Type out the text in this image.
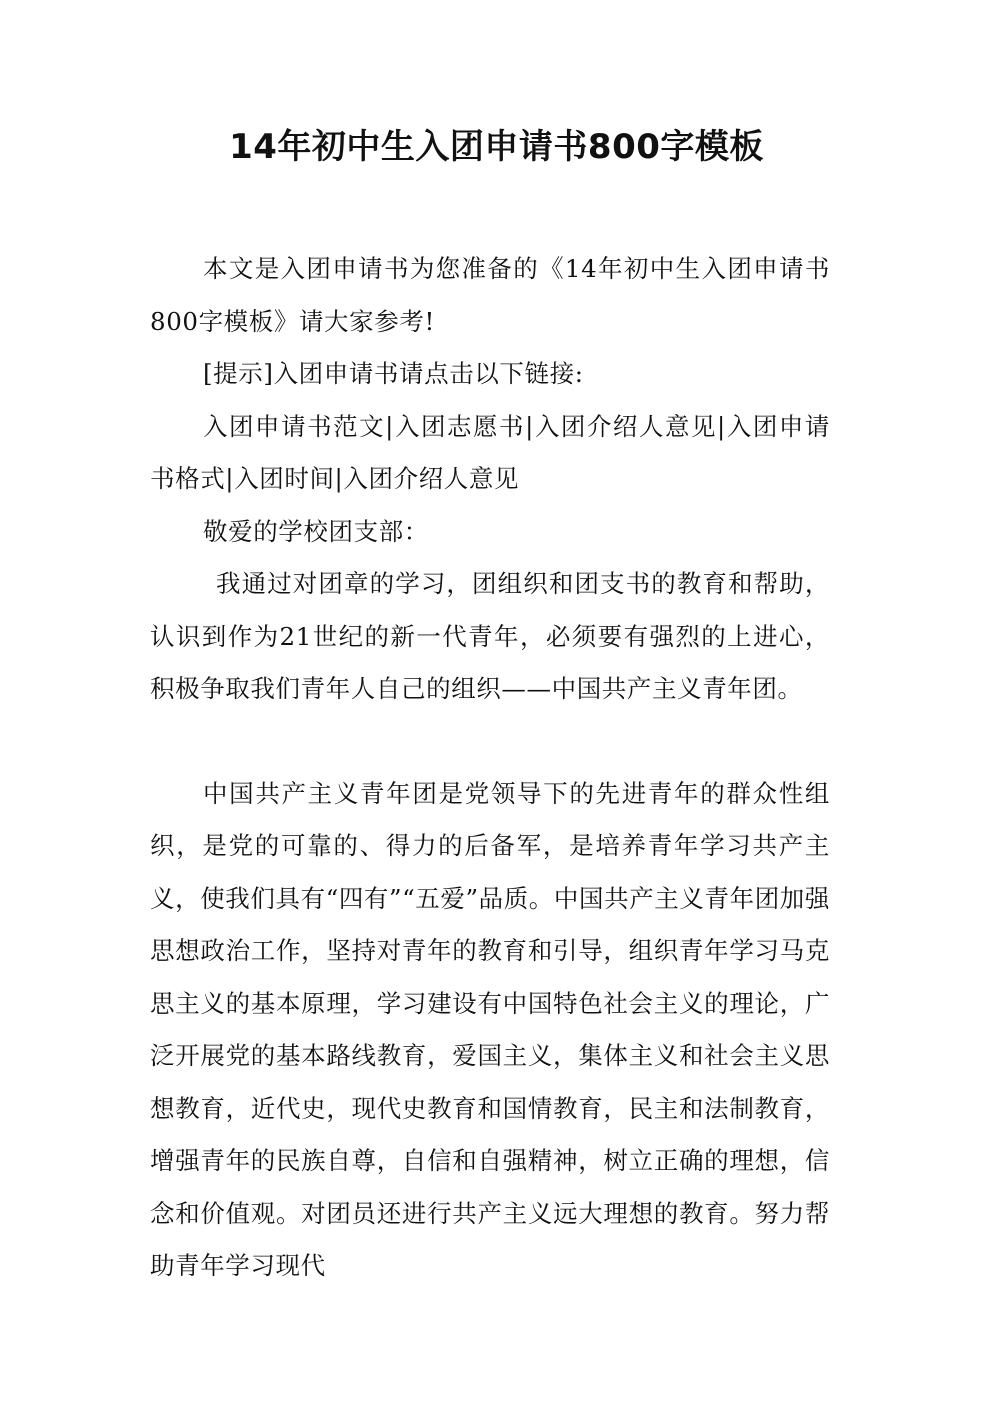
14年初中生入团申请书800字模板

本文是入团申请书为您准备的《14年初中生入团申请书800字模板》请大家参考!

[提示]入团申请书请点击以下链接:

入团申请书范文|入团志愿书|入团介绍人意见|入团申请书格式|入团时间|入团介绍人意见

敬爱的学校团支部：

我通过对团章的学习，团组织和团支书的教育和帮助，认识到作为21世纪的新一代青年，必须要有强烈的上进心，积极争取我们青年人自己的组织——中国共产主义青年团。

中国共产主义青年团是党领导下的先进青年的群众性组织，是党的可靠的、得力的后备军，是培养青年学习共产主义，使我们具有“四有”“五爱”品质。中国共产主义青年团加强思想政治工作，坚持对青年的教育和引导，组织青年学习马克思主义的基本原理，学习建设有中国特色社会主义的理论，广泛开展党的基本路线教育，爱国主义，集体主义和社会主义思想教育，近代史，现代史教育和国情教育，民主和法制教育，增强青年的民族自尊，自信和自强精神，树立正确的理想，信念和价值观。对团员还进行共产主义远大理想的教育。努力帮助青年学习现代
